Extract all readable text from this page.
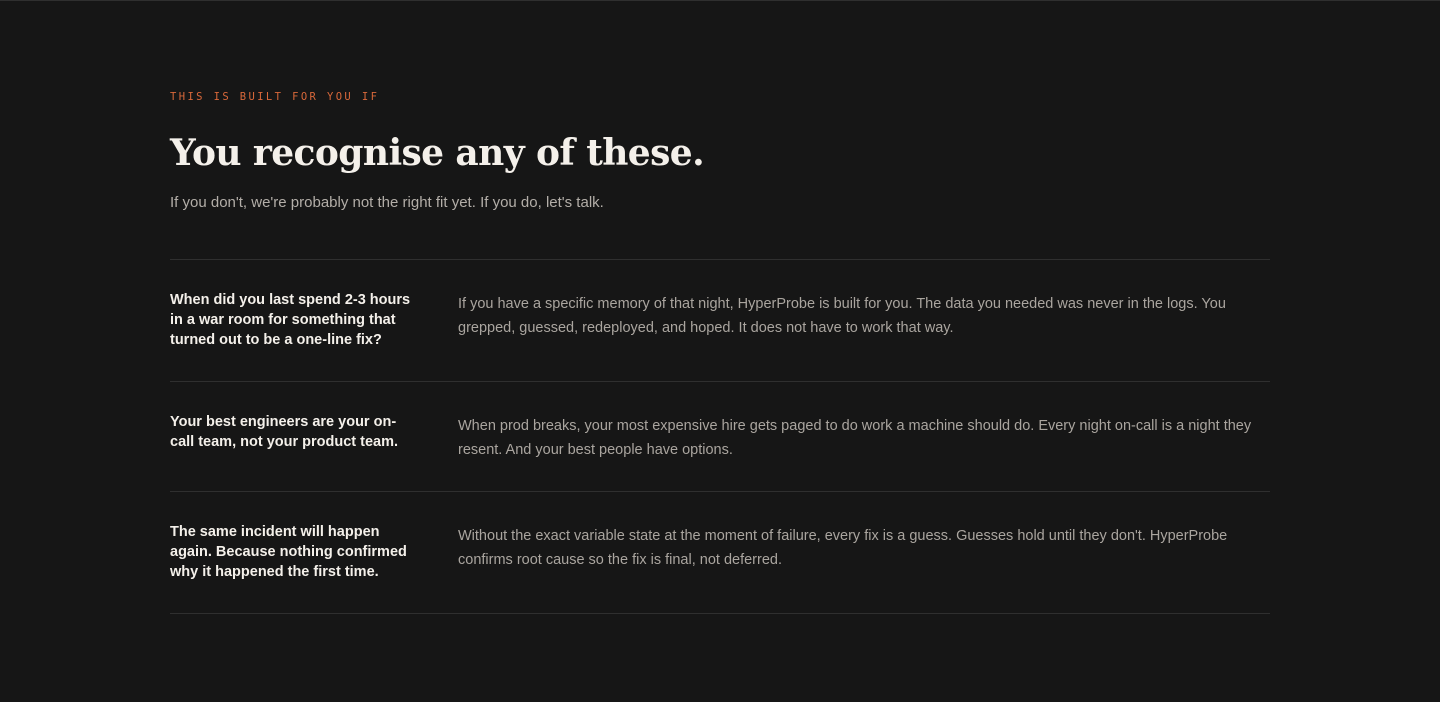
THIS IS BUILT FOR YOU IF
You recognise any of these.
If you don't, we're probably not the right fit yet. If you do, let's talk.
When did you last spend 2-3 hours in a war room for something that turned out to be a one-line fix?
If you have a specific memory of that night, HyperProbe is built for you. The data you needed was never in the logs. You grepped, guessed, redeployed, and hoped. It does not have to work that way.
Your best engineers are your on-call team, not your product team.
When prod breaks, your most expensive hire gets paged to do work a machine should do. Every night on-call is a night they resent. And your best people have options.
The same incident will happen again. Because nothing confirmed why it happened the first time.
Without the exact variable state at the moment of failure, every fix is a guess. Guesses hold until they don't. HyperProbe confirms root cause so the fix is final, not deferred.
